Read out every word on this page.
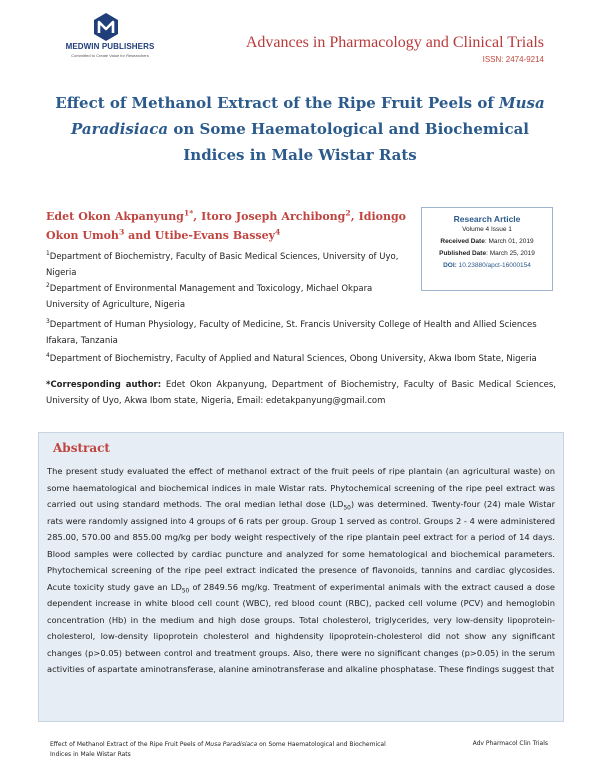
MEDWIN PUBLISHERS
Committed to Create Value for Researchers
Advances in Pharmacology and Clinical Trials
ISSN: 2474-9214
Effect of Methanol Extract of the Ripe Fruit Peels of Musa Paradisiaca on Some Haematological and Biochemical Indices in Male Wistar Rats
Edet Okon Akpanyung$^{1*}$, Itoro Joseph Archibong$^2$, Idiongo Okon Umoh$^3$ and Utibe-Evans Bassey$^4$
$^1$Department of Biochemistry, Faculty of Basic Medical Sciences, University of Uyo, Nigeria
$^2$Department of Environmental Management and Toxicology, Michael Okpara University of Agriculture, Nigeria
$^3$Department of Human Physiology, Faculty of Medicine, St. Francis University College of Health and Allied Sciences Ifakara, Tanzania
$^4$Department of Biochemistry, Faculty of Applied and Natural Sciences, Obong University, Akwa Ibom State, Nigeria
Research Article
Volume 4 Issue 1
Received Date: March 01, 2019
Published Date: March 25, 2019
DOI: 10.23880/apct-16000154
*Corresponding author: Edet Okon Akpanyung, Department of Biochemistry, Faculty of Basic Medical Sciences, University of Uyo, Akwa Ibom state, Nigeria, Email: edetakpanyung@gmail.com
Abstract
The present study evaluated the effect of methanol extract of the fruit peels of ripe plantain (an agricultural waste) on some haematological and biochemical indices in male Wistar rats. Phytochemical screening of the ripe peel extract was carried out using standard methods. The oral median lethal dose $(LD_{50})$ was determined. Twenty-four (24) male Wistar rats were randomly assigned into 4 groups of 6 rats per group. Group 1 served as control. Groups 2 - 4 were administered 285.00, 570.00 and 855.00 mg/kg per body weight respectively of the ripe plantain peel extract for a period of 14 days. Blood samples were collected by cardiac puncture and analyzed for some hematological and biochemical parameters. Phytochemical screening of the ripe peel extract indicated the presence of flavonoids, tannins and cardiac glycosides. Acute toxicity study gave an $LD_{50}$ of 2849.56 mg/kg. Treatment of experimental animals with the extract caused a dose dependent increase in white blood cell count (WBC), red blood count (RBC), packed cell volume (PCV) and hemoglobin concentration (Hb) in the medium and high dose groups. Total cholesterol, triglycerides, very low-density lipoprotein-cholesterol, low-density lipoprotein cholesterol and highdensity lipoprotein-cholesterol did not show any significant changes (p>0.05) between control and treatment groups. Also, there were no significant changes (p>0.05) in the serum activities of aspartate aminotransferase, alanine aminotransferase and alkaline phosphatase. These findings suggest that
Effect of Methanol Extract of the Ripe Fruit Peels of Musa Paradisiaca on Some Haematological and Biochemical Indices in Male Wistar Rats
Adv Pharmacol Clin Trials
